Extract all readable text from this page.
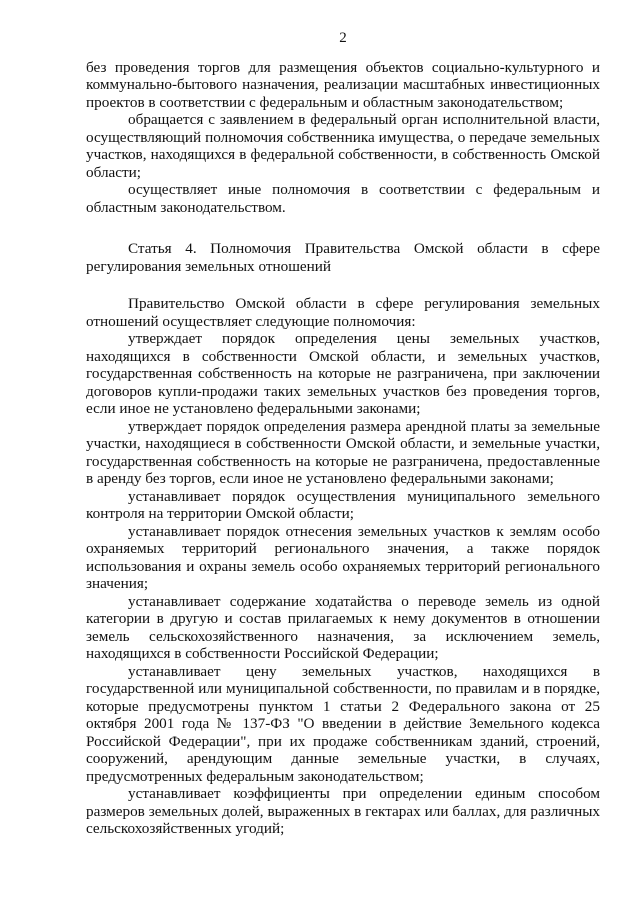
2

без проведения торгов для размещения объектов социально-культурного и коммунально-бытового назначения, реализации масштабных инвестиционных проектов в соответствии с федеральным и областным законодательством;

обращается с заявлением в федеральный орган исполнительной власти, осуществляющий полномочия собственника имущества, о передаче земельных участков, находящихся в федеральной собственности, в собственность Омской области;

осуществляет иные полномочия в соответствии с федеральным и областным законодательством.

Статья 4. Полномочия Правительства Омской области в сфере регулирования земельных отношений

Правительство Омской области в сфере регулирования земельных отношений осуществляет следующие полномочия:

утверждает порядок определения цены земельных участков, находящихся в собственности Омской области, и земельных участков, государственная собственность на которые не разграничена, при заключении договоров купли-продажи таких земельных участков без проведения торгов, если иное не установлено федеральными законами;

утверждает порядок определения размера арендной платы за земельные участки, находящиеся в собственности Омской области, и земельные участки, государственная собственность на которые не разграничена, предоставленные в аренду без торгов, если иное не установлено федеральными законами;

устанавливает порядок осуществления муниципального земельного контроля на территории Омской области;

устанавливает порядок отнесения земельных участков к землям особо охраняемых территорий регионального значения, а также порядок использования и охраны земель особо охраняемых территорий регионального значения;

устанавливает содержание ходатайства о переводе земель из одной категории в другую и состав прилагаемых к нему документов в отношении земель сельскохозяйственного назначения, за исключением земель, находящихся в собственности Российской Федерации;

устанавливает цену земельных участков, находящихся в государственной или муниципальной собственности, по правилам и в порядке, которые предусмотрены пунктом 1 статьи 2 Федерального закона от 25 октября 2001 года № 137-ФЗ "О введении в действие Земельного кодекса Российской Федерации", при их продаже собственникам зданий, строений, сооружений, арендующим данные земельные участки, в случаях, предусмотренных федеральным законодательством;

устанавливает коэффициенты при определении единым способом размеров земельных долей, выраженных в гектарах или баллах, для различных сельскохозяйственных угодий;
